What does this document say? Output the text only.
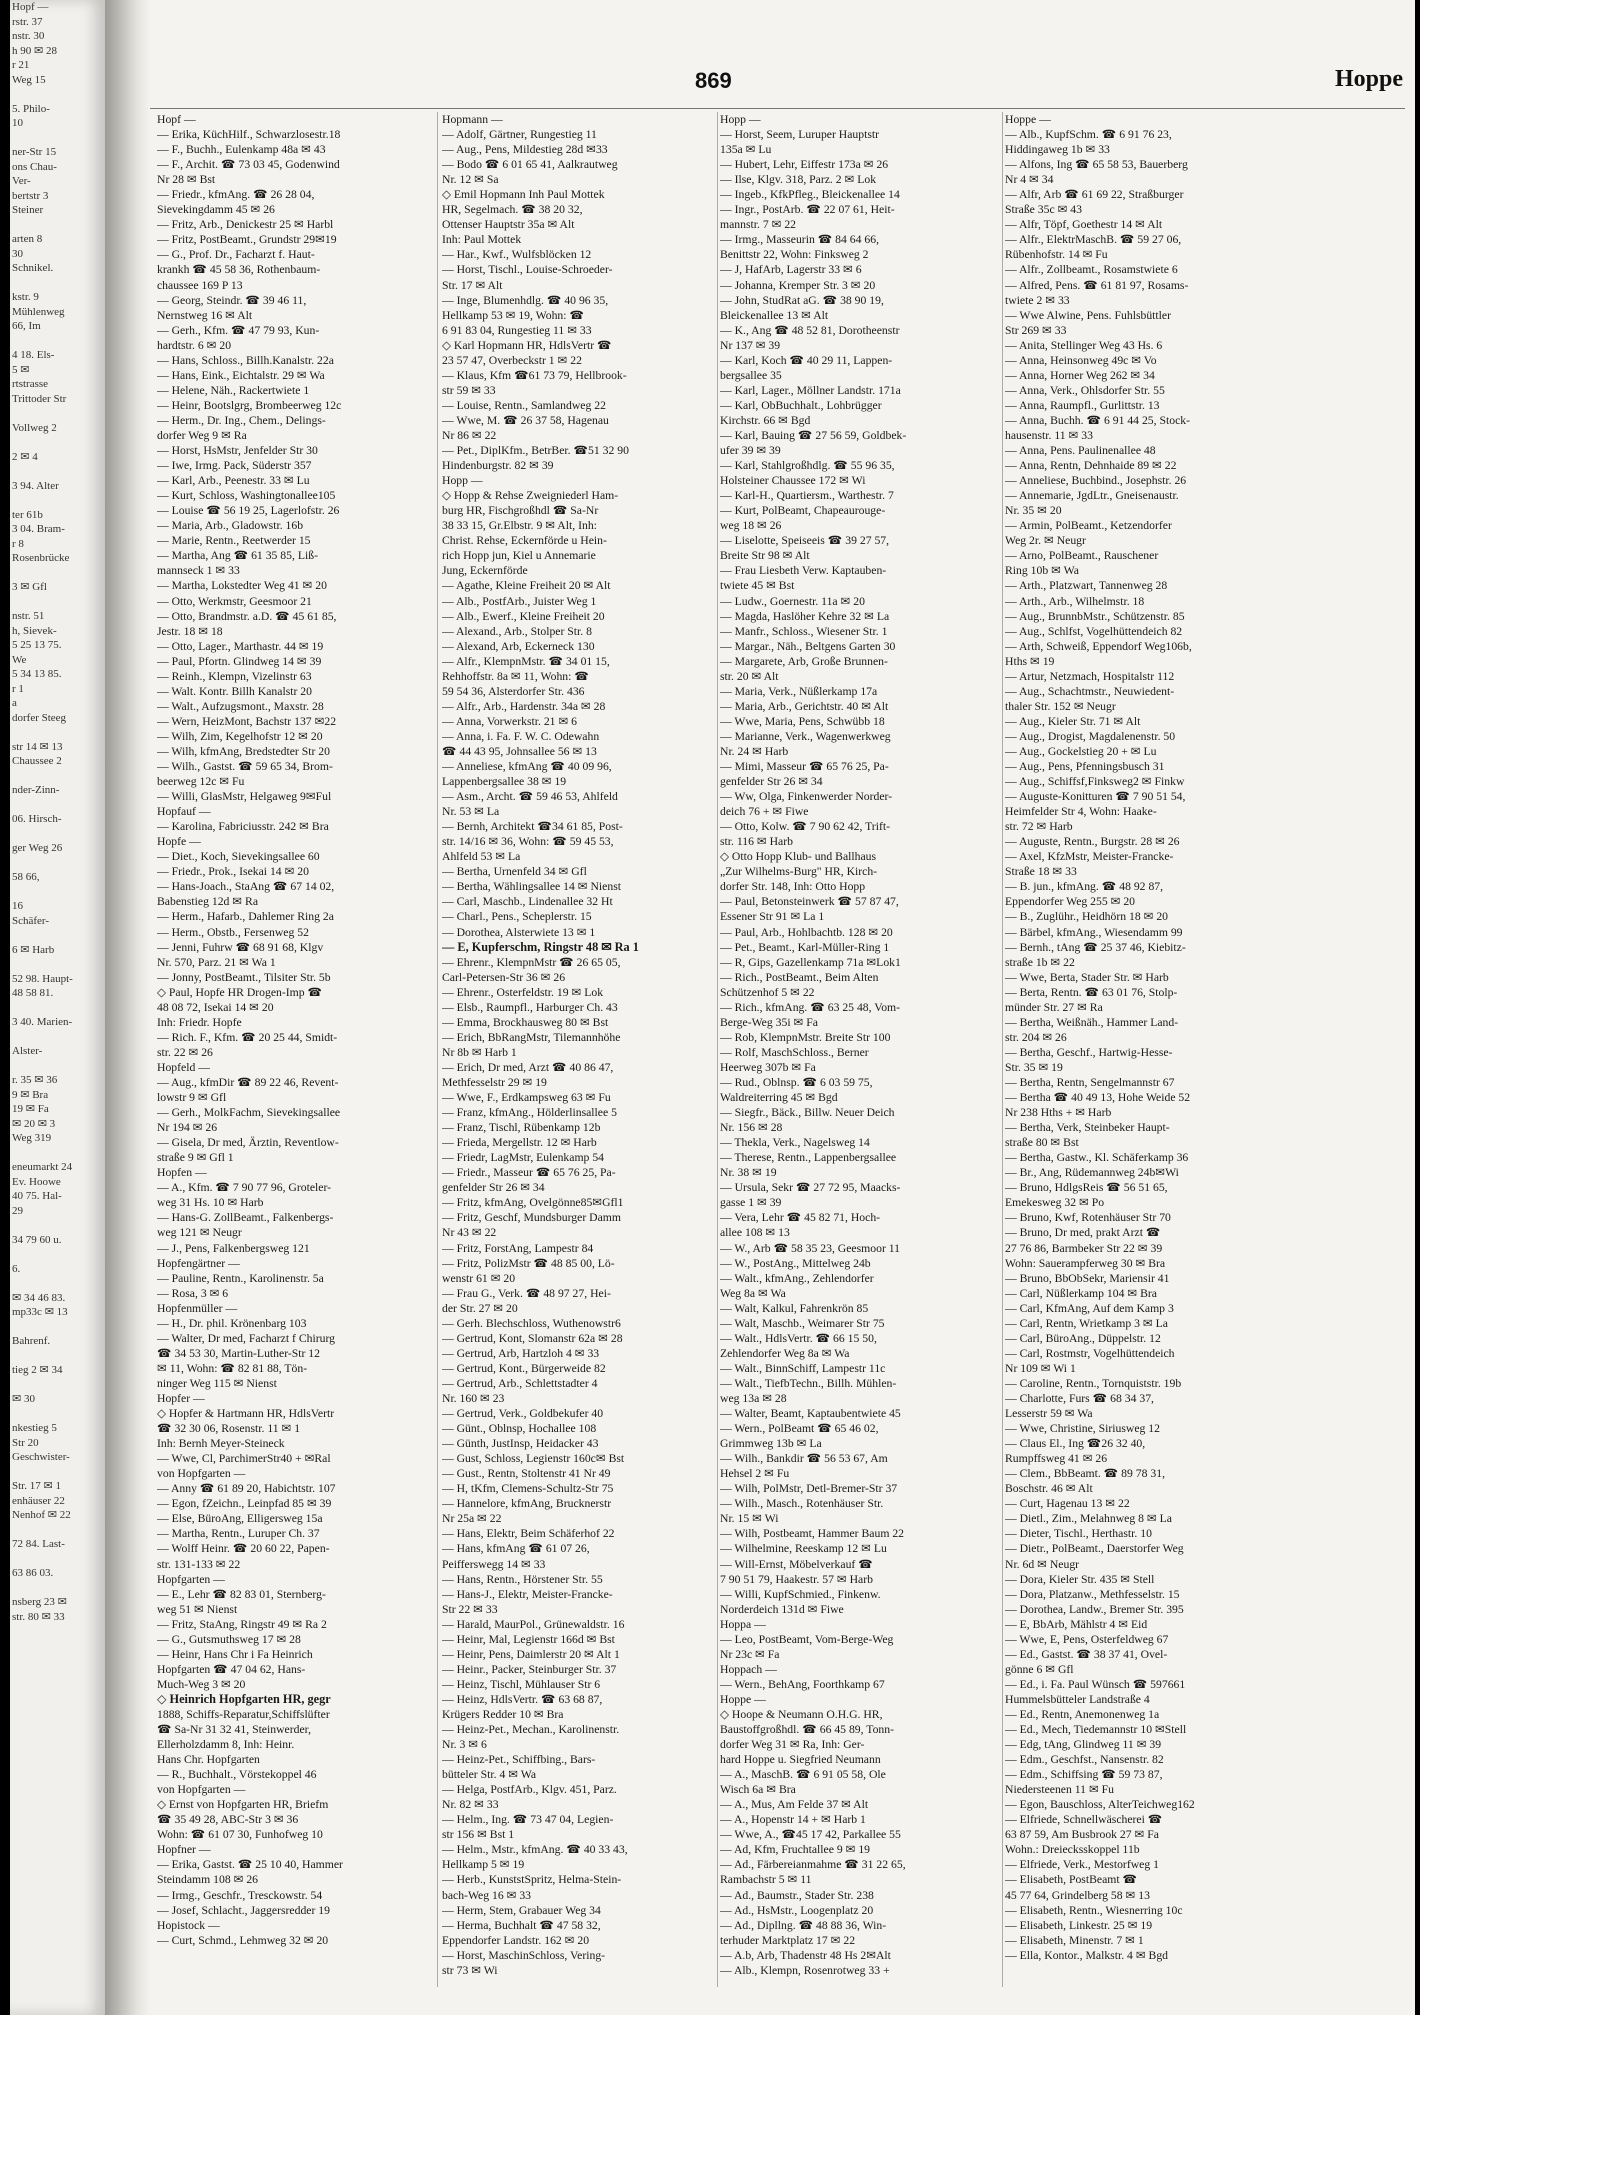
Hopf —
rstr. 37
nstr. 30
h 90 ✉ 28
r 21
Weg 15

5. Philo-
10

ner-Str 15
ons Chau-
Ver-
bertstr 3
Steiner

arten 8
30
Schnikel.

kstr. 9
Mühlenweg
66, Im

4 18. Els-
5 ✉
rtstrasse
Trittoder Str

Vollweg 2

2 ✉ 4

3 94. Alter

ter 61b
3 04. Bram-
r 8
Rosenbrücke

3 ✉ Gfl

nstr. 51
h, Sievek-
5 25 13 75.
We
5 34 13 85.
r 1
a
dorfer Steeg

str 14 ✉ 13
Chaussee 2

nder-Zinn-

06. Hirsch-

ger Weg 26

58 66,

16
Schäfer-

6 ✉ Harb

52 98. Haupt-
48 58 81.

3 40. Marien-

Alster-

r. 35 ✉ 36
9 ✉ Bra
19 ✉ Fa
✉ 20 ✉ 3
Weg 319

eneumarkt 24
Ev. Hoowe
40 75. Hal-
29

34 79 60 u.

6.

✉ 34 46 83.
mp33c ✉ 13

Bahrenf.

tieg 2 ✉ 34

✉ 30

nkestieg 5
Str 20
Geschwister-

Str. 17 ✉ 1
enhäuser 22
Nenhof ✉ 22

72 84. Last-

63 86 03.

nsberg 23 ✉
str. 80 ✉ 33
869	Hoppe
Hopf —
— Erika, KüchHilf., Schwarzlosestr.18
— F., Buchh., Eulenkamp 48a ✉ 43
— F., Archit. ☎ 73 03 45, Godenwind
Nr 28 ✉ Bst
— Friedr., kfmAng. ☎ 26 28 04,
Sievekingdamm 45 ✉ 26
— Fritz, Arb., Denickestr 25 ✉ Harbl
— Fritz, PostBeamt., Grundstr 29✉19
— G., Prof. Dr., Facharzt f. Haut-
krankh ☎ 45 58 36, Rothenbaum-
chaussee 169 P 13
— Georg, Steindr. ☎ 39 46 11,
Nernstweg 16 ✉ Alt
— Gerh., Kfm. ☎ 47 79 93, Kun-
hardtstr. 6 ✉ 20
— Hans, Schloss., Billh.Kanalstr. 22a
— Hans, Eink., Eichtalstr. 29 ✉ Wa
— Helene, Näh., Rackertwiete 1
— Heinr, Bootslgrg, Brombeerweg 12c
— Herm., Dr. Ing., Chem., Delings-
dorfer Weg 9 ✉ Ra
— Horst, HsMstr, Jenfelder Str 30
— Iwe, Irmg. Pack, Süderstr 357
— Karl, Arb., Peenestr. 33 ✉ Lu
— Kurt, Schloss, Washingtonallee105
— Louise ☎ 56 19 25, Lagerlofstr. 26
— Maria, Arb., Gladowstr. 16b
— Marie, Rentn., Reetwerder 15
— Martha, Ang ☎ 61 35 85, Liß-
mannseck 1 ✉ 33
— Martha, Lokstedter Weg 41 ✉ 20
— Otto, Werkmstr, Geesmoor 21
— Otto, Brandmstr. a.D. ☎ 45 61 85,
Jestr. 18 ✉ 18
— Otto, Lager., Marthastr. 44 ✉ 19
— Paul, Pfortn. Glindweg 14 ✉ 39
— Reinh., Klempn, Vizelinstr 63
— Walt. Kontr. Billh Kanalstr 20
— Walt., Aufzugsmont., Maxstr. 28
— Wern, HeizMont, Bachstr 137 ✉22
— Wilh, Zim, Kegelhofstr 12 ✉ 20
— Wilh, kfmAng, Bredstedter Str 20
— Wilh., Gastst. ☎ 59 65 34, Brom-
beerweg 12c ✉ Fu
— Willi, GlasMstr, Helgaweg 9✉Ful
Hopfauf —
— Karolina, Fabriciusstr. 242 ✉ Bra
Hopfe —
— Diet., Koch, Sievekingsallee 60
— Friedr., Prok., Isekai 14 ✉ 20
— Hans-Joach., StaAng ☎ 67 14 02,
Babenstieg 12d ✉ Ra
— Herm., Hafarb., Dahlemer Ring 2a
— Herm., Obstb., Fersenweg 52
— Jenni, Fuhrw ☎ 68 91 68, Klgv
Nr. 570, Parz. 21 ✉ Wa 1
— Jonny, PostBeamt., Tilsiter Str. 5b
◇ Paul, Hopfe HR Drogen-Imp ☎
48 08 72, Isekai 14 ✉ 20
Inh: Friedr. Hopfe
— Rich. F., Kfm. ☎ 20 25 44, Smidt-
str. 22 ✉ 26
Hopfeld —
— Aug., kfmDir ☎ 89 22 46, Revent-
lowstr 9 ✉ Gfl
— Gerh., MolkFachm, Sievekingsallee
Nr 194 ✉ 26
— Gisela, Dr med, Ärztin, Reventlow-
straße 9 ✉ Gfl 1
Hopfen —
— A., Kfm. ☎ 7 90 77 96, Groteler-
weg 31 Hs. 10 ✉ Harb
— Hans-G. ZollBeamt., Falkenbergs-
weg 121 ✉ Neugr
— J., Pens, Falkenbergsweg 121
Hopfengärtner —
— Pauline, Rentn., Karolinenstr. 5a
— Rosa, 3 ✉ 6
Hopfenmüller —
— H., Dr. phil. Krönenbarg 103
— Walter, Dr med, Facharzt f Chirurg
☎ 34 53 30, Martin-Luther-Str 12
✉ 11, Wohn: ☎ 82 81 88, Tön-
ninger Weg 115 ✉ Nienst
Hopfer —
◇ Hopfer & Hartmann HR, HdlsVertr
☎ 32 30 06, Rosenstr. 11 ✉ 1
Inh: Bernh Meyer-Steineck
— Wwe, Cl, ParchimerStr40 + ✉Ral
von Hopfgarten —
— Anny ☎ 61 89 20, Habichtstr. 107
— Egon, fZeichn., Leinpfad 85 ✉ 39
— Else, BüroAng, Elligersweg 15a
— Martha, Rentn., Luruper Ch. 37
— Wolff Heinr. ☎ 20 60 22, Papen-
str. 131-133 ✉ 22
Hopfgarten —
— E., Lehr ☎ 82 83 01, Sternberg-
weg 51 ✉ Nienst
— Fritz, StaAng, Ringstr 49 ✉ Ra 2
— G., Gutsmuthsweg 17 ✉ 28
— Heinr, Hans Chr i Fa Heinrich
Hopfgarten ☎ 47 04 62, Hans-
Much-Weg 3 ✉ 20
◇ Heinrich Hopfgarten HR, gegr
1888, Schiffs-Reparatur,Schiffslüfter
☎ Sa-Nr 31 32 41, Steinwerder,
Ellerholzdamm 8, Inh: Heinr.
Hans Chr. Hopfgarten
— R., Buchhalt., Vörstekoppel 46
von Hopfgarten —
◇ Ernst von Hopfgarten HR, Briefm
☎ 35 49 28, ABC-Str 3 ✉ 36
Wohn: ☎ 61 07 30, Funhofweg 10
Hopfner —
— Erika, Gastst. ☎ 25 10 40, Hammer
Steindamm 108 ✉ 26
— Irmg., Geschfr., Tresckowstr. 54
— Josef, Schlacht., Jaggersredder 19
Hopistock —
— Curt, Schmd., Lehmweg 32 ✉ 20
Hopmann —
— Adolf, Gärtner, Rungestieg 11
— Aug., Pens, Mildestieg 28d ✉33
— Bodo ☎ 6 01 65 41, Aalkrautweg
Nr. 12 ✉ Sa
◇ Emil Hopmann Inh Paul Mottek
HR, Segelmach. ☎ 38 20 32,
Ottenser Hauptstr 35a ✉ Alt
Inh: Paul Mottek
— Har., Kwf., Wulfsblöcken 12
— Horst, Tischl., Louise-Schroeder-
Str. 17 ✉ Alt
— Inge, Blumenhdlg. ☎ 40 96 35,
Hellkamp 53 ✉ 19, Wohn: ☎
6 91 83 04, Rungestieg 11 ✉ 33
◇ Karl Hopmann HR, HdlsVertr ☎
23 57 47, Overbeckstr 1 ✉ 22
— Klaus, Kfm ☎61 73 79, Hellbrook-
str 59 ✉ 33
— Louise, Rentn., Samlandweg 22
— Wwe, M. ☎ 26 37 58, Hagenau
Nr 86 ✉ 22
— Pet., DiplKfm., BetrBer. ☎51 32 90
Hindenburgstr. 82 ✉ 39
Hopp —
◇ Hopp & Rehse Zweigniederl Ham-
burg HR, Fischgroßhdl ☎ Sa-Nr
38 33 15, Gr.Elbstr. 9 ✉ Alt, Inh:
Christ. Rehse, Eckernförde u Hein-
rich Hopp jun, Kiel u Annemarie
Jung, Eckernförde
— Agathe, Kleine Freiheit 20 ✉ Alt
— Alb., PostfArb., Juister Weg 1
— Alb., Ewerf., Kleine Freiheit 20
— Alexand., Arb., Stolper Str. 8
— Alexand, Arb, Eckerneck 130
— Alfr., KlempnMstr. ☎ 34 01 15,
Rehhoffstr. 8a ✉ 11, Wohn: ☎
59 54 36, Alsterdorfer Str. 436
— Alfr., Arb., Hardenstr. 34a ✉ 28
— Anna, Vorwerkstr. 21 ✉ 6
— Anna, i. Fa. F. W. C. Odewahn
☎ 44 43 95, Johnsallee 56 ✉ 13
— Anneliese, kfmAng ☎ 40 09 96,
Lappenbergsallee 38 ✉ 19
— Asm., Archt. ☎ 59 46 53, Ahlfeld
Nr. 53 ✉ La
— Bernh, Architekt ☎34 61 85, Post-
str. 14/16 ✉ 36, Wohn: ☎ 59 45 53,
Ahlfeld 53 ✉ La
— Bertha, Urnenfeld 34 ✉ Gfl
— Bertha, Wählingsallee 14 ✉ Nienst
— Carl, Maschb., Lindenallee 32 Ht
— Charl., Pens., Scheplerstr. 15
— Dorothea, Alsterwiete 13 ✉ 1
— E, Kupferschm, Ringstr 48 ✉ Ra 1
— Ehrenr., KlempnMstr ☎ 26 65 05,
Carl-Petersen-Str 36 ✉ 26
— Ehrenr., Osterfeldstr. 19 ✉ Lok
— Elsb., Raumpfl., Harburger Ch. 43
— Emma, Brockhausweg 80 ✉ Bst
— Erich, BbRangMstr, Tilemannhöhe
Nr 8b ✉ Harb 1
— Erich, Dr med, Arzt ☎ 40 86 47,
Methfesselstr 29 ✉ 19
— Wwe, F., Erdkampsweg 63 ✉ Fu
— Franz, kfmAng., Hölderlinsallee 5
— Franz, Tischl, Rübenkamp 12b
— Frieda, Mergellstr. 12 ✉ Harb
— Friedr, LagMstr, Eulenkamp 54
— Friedr., Masseur ☎ 65 76 25, Pa-
genfelder Str 26 ✉ 34
— Fritz, kfmAng, Ovelgönne85✉Gfl1
— Fritz, Geschf, Mundsburger Damm
Nr 43 ✉ 22
— Fritz, ForstAng, Lampestr 84
— Fritz, PolizMstr ☎ 48 85 00, Lö-
wenstr 61 ✉ 20
— Frau G., Verk. ☎ 48 97 27, Hei-
der Str. 27 ✉ 20
— Gerh. Blechschloss, Wuthenowstr6
— Gertrud, Kont, Slomanstr 62a ✉ 28
— Gertrud, Arb, Hartzloh 4 ✉ 33
— Gertrud, Kont., Bürgerweide 82
— Gertrud, Arb., Schlettstadter 4
Nr. 160 ✉ 23
— Gertrud, Verk., Goldbekufer 40
— Günt., Oblnsp, Hochallee 108
— Günth, JustInsp, Heidacker 43
— Gust, Schloss, Legienstr 160c✉ Bst
— Gust., Rentn, Stoltenstr 41 Nr 49
— H, tKfm, Clemens-Schultz-Str 75
— Hannelore, kfmAng, Brucknerstr
Nr 25a ✉ 22
— Hans, Elektr, Beim Schäferhof 22
— Hans, kfmAng ☎ 61 07 26,
Peifferswegg 14 ✉ 33
— Hans, Rentn., Hörstener Str. 55
— Hans-J., Elektr, Meister-Francke-
Str 22 ✉ 33
— Harald, MaurPol., Grünewaldstr. 16
— Heinr, Mal, Legienstr 166d ✉ Bst
— Heinr, Pens, Daimlerstr 20 ✉ Alt 1
— Heinr., Packer, Steinburger Str. 37
— Heinz, Tischl, Mühlauser Str 6
— Heinz, HdlsVertr. ☎ 63 68 87,
Krügers Redder 10 ✉ Bra
— Heinz-Pet., Mechan., Karolinenstr.
Nr. 3 ✉ 6
— Heinz-Pet., Schiffbing., Bars-
bütteler Str. 4 ✉ Wa
— Helga, PostfArb., Klgv. 451, Parz.
Nr. 82 ✉ 33
— Helm., Ing. ☎ 73 47 04, Legien-
str 156 ✉ Bst 1
— Helm., Mstr., kfmAng. ☎ 40 33 43,
Hellkamp 5 ✉ 19
— Herb., KunststSpritz, Helma-Stein-
bach-Weg 16 ✉ 33
— Herm, Stem, Grabauer Weg 34
— Herma, Buchhalt ☎ 47 58 32,
Eppendorfer Landstr. 162 ✉ 20
— Horst, MaschinSchloss, Vering-
str 73 ✉ Wi
Hopp —
— Horst, Seem, Luruper Hauptstr
135a ✉ Lu
— Hubert, Lehr, Eiffestr 173a ✉ 26
— Ilse, Klgv. 318, Parz. 2 ✉ Lok
— Ingeb., KfkPfleg., Bleickenallee 14
— Ingr., PostArb. ☎ 22 07 61, Heit-
mannstr. 7 ✉ 22
— Irmg., Masseurin ☎ 84 64 66,
Benittstr 22, Wohn: Finksweg 2
— J, HafArb, Lagerstr 33 ✉ 6
— Johanna, Kremper Str. 3 ✉ 20
— John, StudRat aG. ☎ 38 90 19,
Bleickenallee 13 ✉ Alt
— K., Ang ☎ 48 52 81, Dorotheenstr
Nr 137 ✉ 39
— Karl, Koch ☎ 40 29 11, Lappen-
bergsallee 35
— Karl, Lager., Möllner Landstr. 171a
— Karl, ObBuchhalt., Lohbrügger
Kirchstr. 66 ✉ Bgd
— Karl, Bauing ☎ 27 56 59, Goldbek-
ufer 39 ✉ 39
— Karl, Stahlgroßhdlg. ☎ 55 96 35,
Holsteiner Chaussee 172 ✉ Wi
— Karl-H., Quartiersm., Warthestr. 7
— Kurt, PolBeamt, Chapeaurouge-
weg 18 ✉ 26
— Liselotte, Speiseeis ☎ 39 27 57,
Breite Str 98 ✉ Alt
— Frau Liesbeth Verw. Kaptauben-
twiete 45 ✉ Bst
— Ludw., Goernestr. 11a ✉ 20
— Magda, Haslöher Kehre 32 ✉ La
— Manfr., Schloss., Wiesener Str. 1
— Margar., Näh., Beltgens Garten 30
— Margarete, Arb, Große Brunnen-
str. 20 ✉ Alt
— Maria, Verk., Nüßlerkamp 17a
— Maria, Arb., Gerichtstr. 40 ✉ Alt
— Wwe, Maria, Pens, Schwübb 18
— Marianne, Verk., Wagenwerkweg
Nr. 24 ✉ Harb
— Mimi, Masseur ☎ 65 76 25, Pa-
genfelder Str 26 ✉ 34
— Ww, Olga, Finkenwerder Norder-
deich 76 + ✉ Fiwe
— Otto, Kolw. ☎ 7 90 62 42, Trift-
str. 116 ✉ Harb
◇ Otto Hopp Klub- und Ballhaus
„Zur Wilhelms-Burg" HR, Kirch-
dorfer Str. 148, Inh: Otto Hopp
— Paul, Betonsteinwerk ☎ 57 87 47,
Essener Str 91 ✉ La 1
— Paul, Arb., Hohlbachtb. 128 ✉ 20
— Pet., Beamt., Karl-Müller-Ring 1
— R, Gips, Gazellenkamp 71a ✉Lok1
— Rich., PostBeamt., Beim Alten
Schützenhof 5 ✉ 22
— Rich., kfmAng. ☎ 63 25 48, Vom-
Berge-Weg 35i ✉ Fa
— Rob, KlempnMstr. Breite Str 100
— Rolf, MaschSchloss., Berner
Heerweg 307b ✉ Fa
— Rud., Oblnsp. ☎ 6 03 59 75,
Waldreiterring 45 ✉ Bgd
— Siegfr., Bäck., Billw. Neuer Deich
Nr. 156 ✉ 28
— Thekla, Verk., Nagelsweg 14
— Therese, Rentn., Lappenbergsallee
Nr. 38 ✉ 19
— Ursula, Sekr ☎ 27 72 95, Maacks-
gasse 1 ✉ 39
— Vera, Lehr ☎ 45 82 71, Hoch-
allee 108 ✉ 13
— W., Arb ☎ 58 35 23, Geesmoor 11
— W., PostAng., Mittelweg 24b
— Walt., kfmAng., Zehlendorfer
Weg 8a ✉ Wa
— Walt, Kalkul, Fahrenkrön 85
— Walt, Maschb., Weimarer Str 75
— Walt., HdlsVertr. ☎ 66 15 50,
Zehlendorfer Weg 8a ✉ Wa
— Walt., BinnSchiff, Lampestr 11c
— Walt., TiefbTechn., Billh. Mühlen-
weg 13a ✉ 28
— Walter, Beamt, Kaptaubentwiete 45
— Wern., PolBeamt ☎ 65 46 02,
Grimmweg 13b ✉ La
— Wilh., Bankdir ☎ 56 53 67, Am
Hehsel 2 ✉ Fu
— Wilh, PolMstr, Detl-Bremer-Str 37
— Wilh., Masch., Rotenhäuser Str.
Nr. 15 ✉ Wi
— Wilh, Postbeamt, Hammer Baum 22
— Wilhelmine, Reeskamp 12 ✉ Lu
— Will-Ernst, Möbelverkauf ☎
7 90 51 79, Haakestr. 57 ✉ Harb
— Willi, KupfSchmied., Finkenw.
Norderdeich 131d ✉ Fiwe
Hoppa —
— Leo, PostBeamt, Vom-Berge-Weg
Nr 23c ✉ Fa
Hoppach —
— Wern., BehAng, Foorthkamp 67
Hoppe —
◇ Hoope & Neumann O.H.G. HR,
Baustoffgroßhdl. ☎ 66 45 89, Tonn-
dorfer Weg 31 ✉ Ra, Inh: Ger-
hard Hoppe u. Siegfried Neumann
— A., MaschB. ☎ 6 91 05 58, Ole
Wisch 6a ✉ Bra
— A., Mus, Am Felde 37 ✉ Alt
— A., Hopenstr 14 + ✉ Harb 1
— Wwe, A., ☎45 17 42, Parkallee 55
— Ad, Kfm, Fruchtallee 9 ✉ 19
— Ad., Färbereianmahme ☎ 31 22 65,
Rambachstr 5 ✉ 11
— Ad., Baumstr., Stader Str. 238
— Ad., HsMstr., Loogenplatz 20
— Ad., Dipllng. ☎ 48 88 36, Win-
terhuder Marktplatz 17 ✉ 22
— A.b, Arb, Thadenstr 48 Hs 2✉Alt
— Alb., Klempn, Rosenrotweg 33 +
Hoppe —
— Alb., KupfSchm. ☎ 6 91 76 23,
Hiddingaweg 1b ✉ 33
— Alfons, Ing ☎ 65 58 53, Bauerberg
Nr 4 ✉ 34
— Alfr, Arb ☎ 61 69 22, Straßburger
Straße 35c ✉ 43
— Alfr, Töpf, Goethestr 14 ✉ Alt
— Alfr., ElektrMaschB. ☎ 59 27 06,
Rübenhofstr. 14 ✉ Fu
— Alfr., Zollbeamt., Rosamstwiete 6
— Alfred, Pens. ☎ 61 81 97, Rosams-
twiete 2 ✉ 33
— Wwe Alwine, Pens. Fuhlsbüttler
Str 269 ✉ 33
— Anita, Stellinger Weg 43 Hs. 6
— Anna, Heinsonweg 49c ✉ Vo
— Anna, Horner Weg 262 ✉ 34
— Anna, Verk., Ohlsdorfer Str. 55
— Anna, Raumpfl., Gurlittstr. 13
— Anna, Buchh. ☎ 6 91 44 25, Stock-
hausenstr. 11 ✉ 33
— Anna, Pens. Paulinenallee 48
— Anna, Rentn, Dehnhaide 89 ✉ 22
— Anneliese, Buchbind., Josephstr. 26
— Annemarie, JgdLtr., Gneisenaustr.
Nr. 35 ✉ 20
— Armin, PolBeamt., Ketzendorfer
Weg 2r. ✉ Neugr
— Arno, PolBeamt., Rauschener
Ring 10b ✉ Wa
— Arth., Platzwart, Tannenweg 28
— Arth., Arb., Wilhelmstr. 18
— Aug., BrunnbMstr., Schützenstr. 85
— Aug., Schlfst, Vogelhüttendeich 82
— Arth, Schweiß, Eppendorf Weg106b,
Hths ✉ 19
— Artur, Netzmach, Hospitalstr 112
— Aug., Schachtmstr., Neuwiedent-
thaler Str. 152 ✉ Neugr
— Aug., Kieler Str. 71 ✉ Alt
— Aug., Drogist, Magdalenenstr. 50
— Aug., Gockelstieg 20 + ✉ Lu
— Aug., Pens, Pfenningsbusch 31
— Aug., Schiffsf,Finksweg2 ✉ Finkw
— Auguste-Konitturen ☎ 7 90 51 54,
Heimfelder Str 4, Wohn: Haake-
str. 72 ✉ Harb
— Auguste, Rentn., Burgstr. 28 ✉ 26
— Axel, KfzMstr, Meister-Francke-
Straße 18 ✉ 33
— B. jun., kfmAng. ☎ 48 92 87,
Eppendorfer Weg 255 ✉ 20
— B., Zuglühr., Heidhörn 18 ✉ 20
— Bärbel, kfmAng., Wiesendamm 99
— Bernh., tAng ☎ 25 37 46, Kiebitz-
straße 1b ✉ 22
— Wwe, Berta, Stader Str. ✉ Harb
— Berta, Rentn. ☎ 63 01 76, Stolp-
münder Str. 27 ✉ Ra
— Bertha, Weißnäh., Hammer Land-
str. 204 ✉ 26
— Bertha, Geschf., Hartwig-Hesse-
Str. 35 ✉ 19
— Bertha, Rentn, Sengelmannstr 67
— Bertha ☎ 40 49 13, Hohe Weide 52
Nr 238 Hths + ✉ Harb
— Bertha, Verk, Steinbeker Haupt-
straße 80 ✉ Bst
— Bertha, Gastw., Kl. Schäferkamp 36
— Br., Ang, Rüdemannweg 24b✉Wi
— Bruno, HdlgsReis ☎ 56 51 65,
Emekesweg 32 ✉ Po
— Bruno, Kwf, Rotenhäuser Str 70
— Bruno, Dr med, prakt Arzt ☎
27 76 86, Barmbeker Str 22 ✉ 39
Wohn: Sauerampferweg 30 ✉ Bra
— Bruno, BbObSekr, Mariensir 41
— Carl, Nüßlerkamp 104 ✉ Bra
— Carl, KfmAng, Auf dem Kamp 3
— Carl, Rentn, Wrietkamp 3 ✉ La
— Carl, BüroAng., Düppelstr. 12
— Carl, Rostmstr, Vogelhüttendeich
Nr 109 ✉ Wi 1
— Caroline, Rentn., Tornquiststr. 19b
— Charlotte, Furs ☎ 68 34 37,
Lesserstr 59 ✉ Wa
— Wwe, Christine, Siriusweg 12
— Claus El., Ing ☎26 32 40,
Rumpffsweg 41 ✉ 26
— Clem., BbBeamt. ☎ 89 78 31,
Boschstr. 46 ✉ Alt
— Curt, Hagenau 13 ✉ 22
— Dietl., Zim., Melahnweg 8 ✉ La
— Dieter, Tischl., Herthastr. 10
— Dietr., PolBeamt., Daerstorfer Weg
Nr. 6d ✉ Neugr
— Dora, Kieler Str. 435 ✉ Stell
— Dora, Platzanw., Methfesselstr. 15
— Dorothea, Landw., Bremer Str. 395
— E, BbArb, Mählstr 4 ✉ Eid
— Wwe, E, Pens, Osterfeldweg 67
— Ed., Gastst. ☎ 38 37 41, Ovel-
gönne 6 ✉ Gfl
— Ed., i. Fa. Paul Wünsch ☎ 597661
Hummelsbütteler Landstraße 4
— Ed., Rentn, Anemonenweg 1a
— Ed., Mech, Tiedemannstr 10 ✉Stell
— Edg, tAng, Glindweg 11 ✉ 39
— Edm., Geschfst., Nansenstr. 82
— Edm., Schiffsing ☎ 59 73 87,
Niedersteenen 11 ✉ Fu
— Egon, Bauschloss, AlterTeichweg162
— Elfriede, Schnellwäscherei ☎
63 87 59, Am Busbrook 27 ✉ Fa
Wohn.: Dreiecksskoppel 11b
— Elfriede, Verk., Mestorfweg 1
— Elisabeth, PostBeamt ☎
45 77 64, Grindelberg 58 ✉ 13
— Elisabeth, Rentn., Wiesnerring 10c
— Elisabeth, Linkestr. 25 ✉ 19
— Elisabeth, Minenstr. 7 ✉ 1
— Ella, Kontor., Malkstr. 4 ✉ Bgd
